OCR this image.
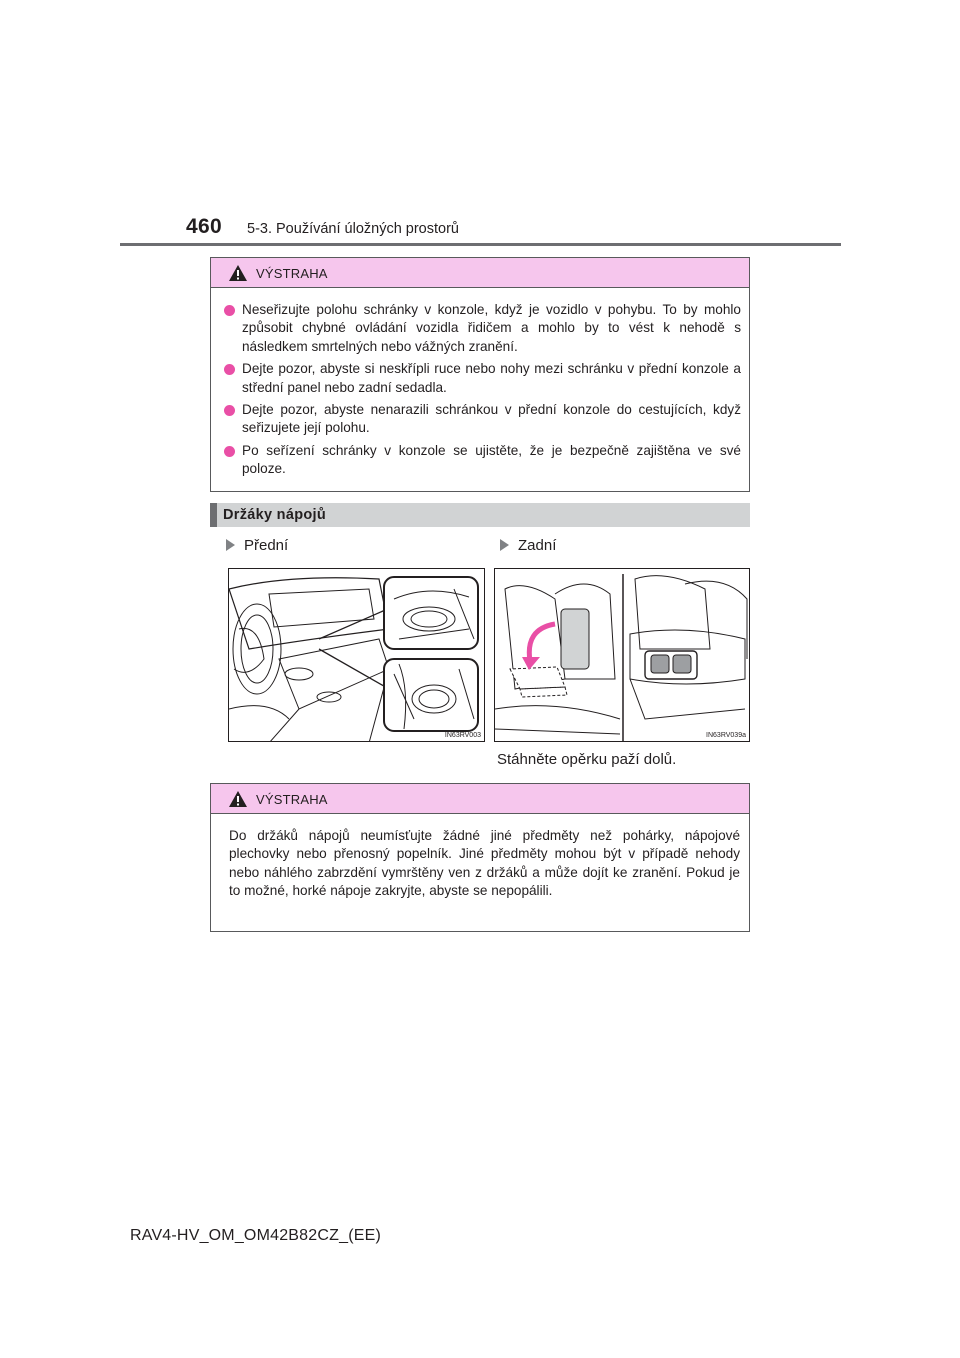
460 5-3. Používání úložných prostorů
VÝSTRAHA
Neseřizujte polohu schránky v konzole, když je vozidlo v pohybu. To by mohlo způsobit chybné ovládání vozidla řidičem a mohlo by to vést k nehodě s následkem smrtelných nebo vážných zranění.
Dejte pozor, abyste si neskřípli ruce nebo nohy mezi schránku v přední konzole a střední panel nebo zadní sedadla.
Dejte pozor, abyste nenarazili schránkou v přední konzole do cestujících, když seřizujete její polohu.
Po seřízení schránky v konzole se ujistěte, že je bezpečně zajištěna ve své poloze.
Držáky nápojů
Přední	Zadní
IN63RV003	IN63RV039a
Stáhněte opěrku paží dolů.
VÝSTRAHA
Do držáků nápojů neumísťujte žádné jiné předměty než pohárky, nápojové plechovky nebo přenosný popelník. Jiné předměty mohou být v případě nehody nebo náhlého zabrzdění vymrštěny ven z držáků a může dojít ke zranění. Pokud je to možné, horké nápoje zakryjte, abyste se nepopálili.
RAV4-HV_OM_OM42B82CZ_(EE)
